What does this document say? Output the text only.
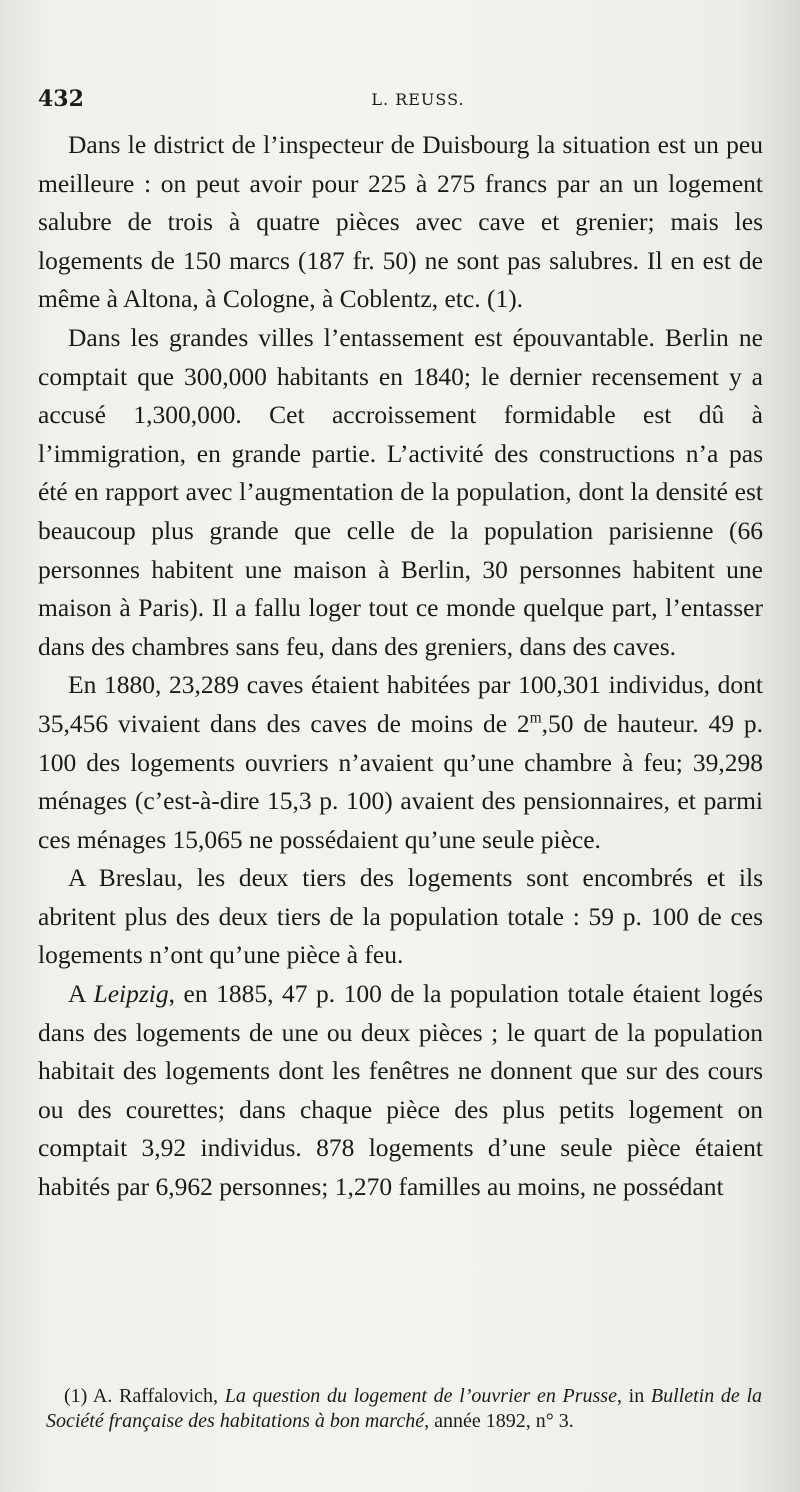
432	L. REUSS.

Dans le district de l’inspecteur de Duisbourg la situation est un peu meilleure : on peut avoir pour 225 à 275 francs par an un logement salubre de trois à quatre pièces avec cave et grenier; mais les logements de 150 marcs (187 fr. 50) ne sont pas salubres. Il en est de même à Altona, à Cologne, à Coblentz, etc. (1).

Dans les grandes villes l’entassement est épouvantable. Berlin ne comptait que 300,000 habitants en 1840; le dernier recensement y a accusé 1,300,000. Cet accroissement formidable est dû à l’immigration, en grande partie. L’activité des constructions n’a pas été en rapport avec l’augmentation de la population, dont la densité est beaucoup plus grande que celle de la population parisienne (66 personnes habitent une maison à Berlin, 30 personnes habitent une maison à Paris). Il a fallu loger tout ce monde quelque part, l’entasser dans des chambres sans feu, dans des greniers, dans des caves.

En 1880, 23,289 caves étaient habitées par 100,301 individus, dont 35,456 vivaient dans des caves de moins de 2$^m$,50 de hauteur. 49 p. 100 des logements ouvriers n’avaient qu’une chambre à feu; 39,298 ménages (c’est-à-dire 15,3 p. 100) avaient des pensionnaires, et parmi ces ménages 15,065 ne possédaient qu’une seule pièce.

A Breslau, les deux tiers des logements sont encombrés et ils abritent plus des deux tiers de la population totale : 59 p. 100 de ces logements n’ont qu’une pièce à feu.

A Leipzig, en 1885, 47 p. 100 de la population totale étaient logés dans des logements de une ou deux pièces ; le quart de la population habitait des logements dont les fenêtres ne donnent que sur des cours ou des courettes; dans chaque pièce des plus petits logement on comptait 3,92 individus. 878 logements d’une seule pièce étaient habités par 6,962 personnes; 1,270 familles au moins, ne possédant

(1) A. Raffalovich, La question du logement de l’ouvrier en Prusse, in Bulletin de la Société française des habitations à bon marché, année 1892, n° 3.
